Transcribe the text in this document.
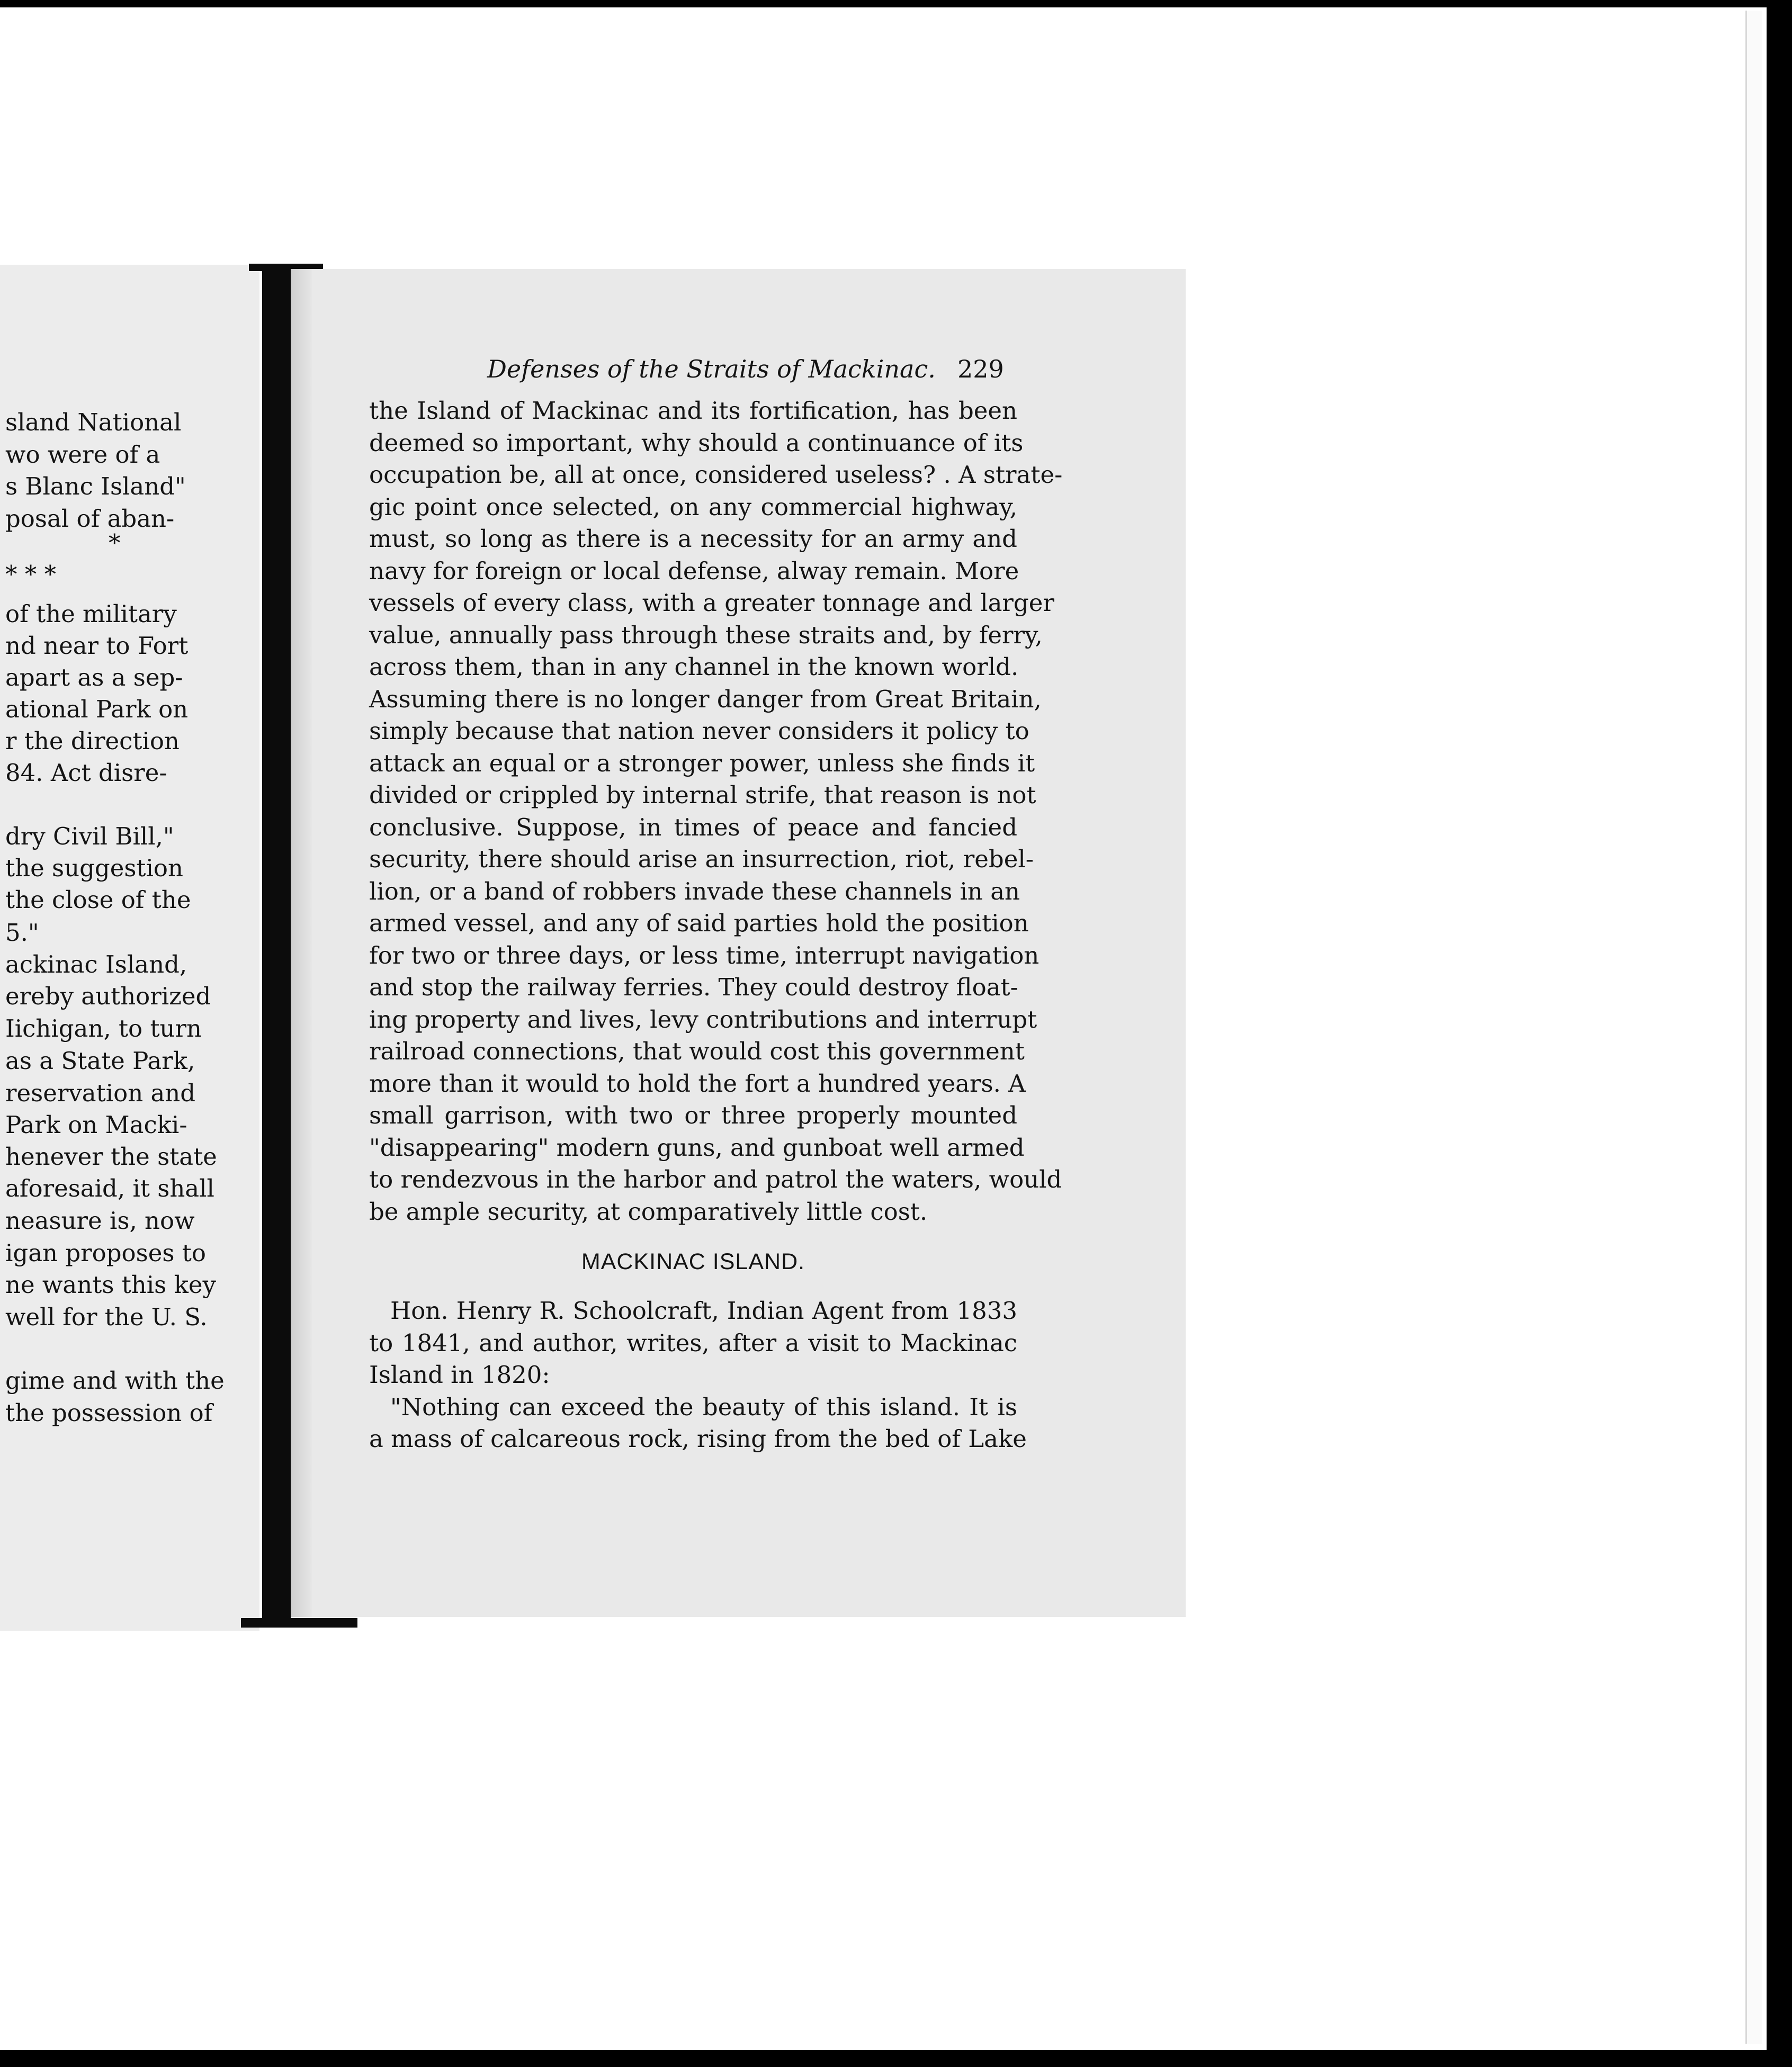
sland National
wo were of a
s Blanc Island"
posal of aban-
*
* * *
of the military
nd near to Fort
apart as a sep-
ational Park on
r the direction
84. Act disre-
dry Civil Bill,"
the suggestion
the close of the
5."
ackinac Island,
ereby authorized
Iichigan, to turn
as a State Park,
reservation and
Park on Macki-
henever the state
aforesaid, it shall
neasure is, now
igan proposes to
ne wants this key
well for the U. S.
gime and with the
the possession of
Defenses of the Straits of Mackinac. 229
the Island of Mackinac and its fortification, has been
deemed so important, why should a continuance of its
occupation be, all at once, considered useless? . A strate-
gic point once selected, on any commercial highway,
must, so long as there is a necessity for an army and
navy for foreign or local defense, alway remain. More
vessels of every class, with a greater tonnage and larger
value, annually pass through these straits and, by ferry,
across them, than in any channel in the known world.
Assuming there is no longer danger from Great Britain,
simply because that nation never considers it policy to
attack an equal or a stronger power, unless she finds it
divided or crippled by internal strife, that reason is not
conclusive. Suppose, in times of peace and fancied
security, there should arise an insurrection, riot, rebel-
lion, or a band of robbers invade these channels in an
armed vessel, and any of said parties hold the position
for two or three days, or less time, interrupt navigation
and stop the railway ferries. They could destroy float-
ing property and lives, levy contributions and interrupt
railroad connections, that would cost this government
more than it would to hold the fort a hundred years. A
small garrison, with two or three properly mounted
"disappearing" modern guns, and gunboat well armed
to rendezvous in the harbor and patrol the waters, would
be ample security, at comparatively little cost.
MACKINAC ISLAND.
Hon. Henry R. Schoolcraft, Indian Agent from 1833
to 1841, and author, writes, after a visit to Mackinac
Island in 1820:
"Nothing can exceed the beauty of this island. It is
a mass of calcareous rock, rising from the bed of Lake
